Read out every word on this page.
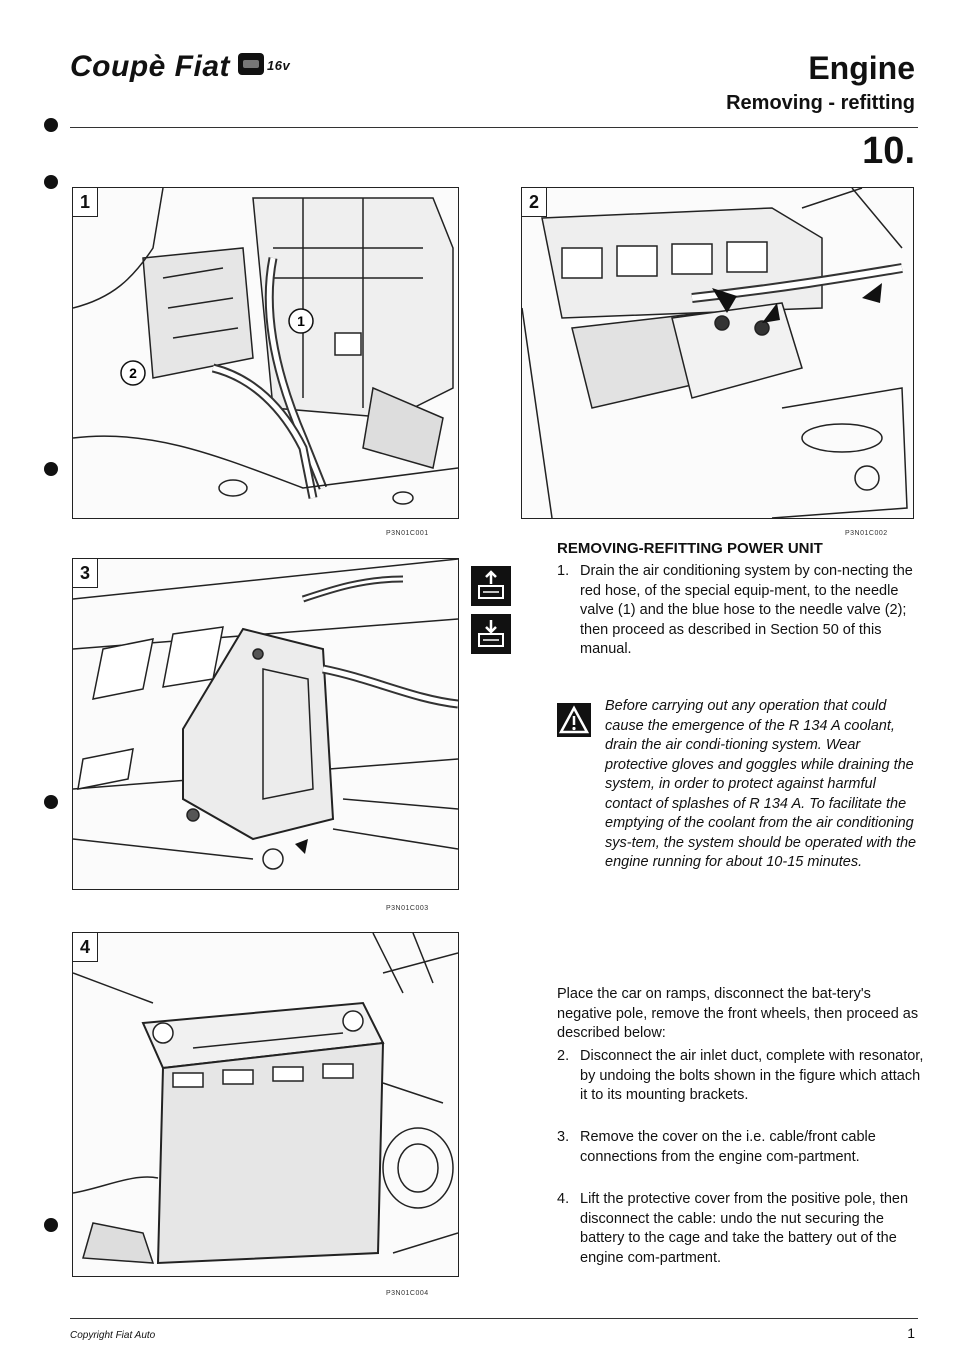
Coupè Fiat	16v	Engine
Removing - refitting
10.
1
2
1
P3N01C001
2
P3N01C002
3
P3N01C003
4
P3N01C004
REMOVING-REFITTING POWER UNIT
1. Drain the air conditioning system by con-necting the red hose, of the special equip-ment, to the needle valve (1) and the blue hose to the needle valve (2); then proceed as described in Section 50 of this manual.
Before carrying out any operation that could cause the emergence of the R 134 A coolant, drain the air condi-tioning system. Wear protective gloves and goggles while draining the system, in order to protect against harmful contact of splashes of R 134 A. To facilitate the emptying of the coolant from the air conditioning sys-tem, the system should be operated with the engine running for about 10-15 minutes.
Place the car on ramps, disconnect the bat-tery's negative pole, remove the front wheels, then proceed as described below:
2. Disconnect the air inlet duct, complete with resonator, by undoing the bolts shown in the figure which attach it to its mounting brackets.
3. Remove the cover on the i.e. cable/front cable connections from the engine com-partment.
4. Lift the protective cover from the positive pole, then disconnect the cable: undo the nut securing the battery to the cage and take the battery out of the engine com-partment.
Copyright Fiat Auto	1
